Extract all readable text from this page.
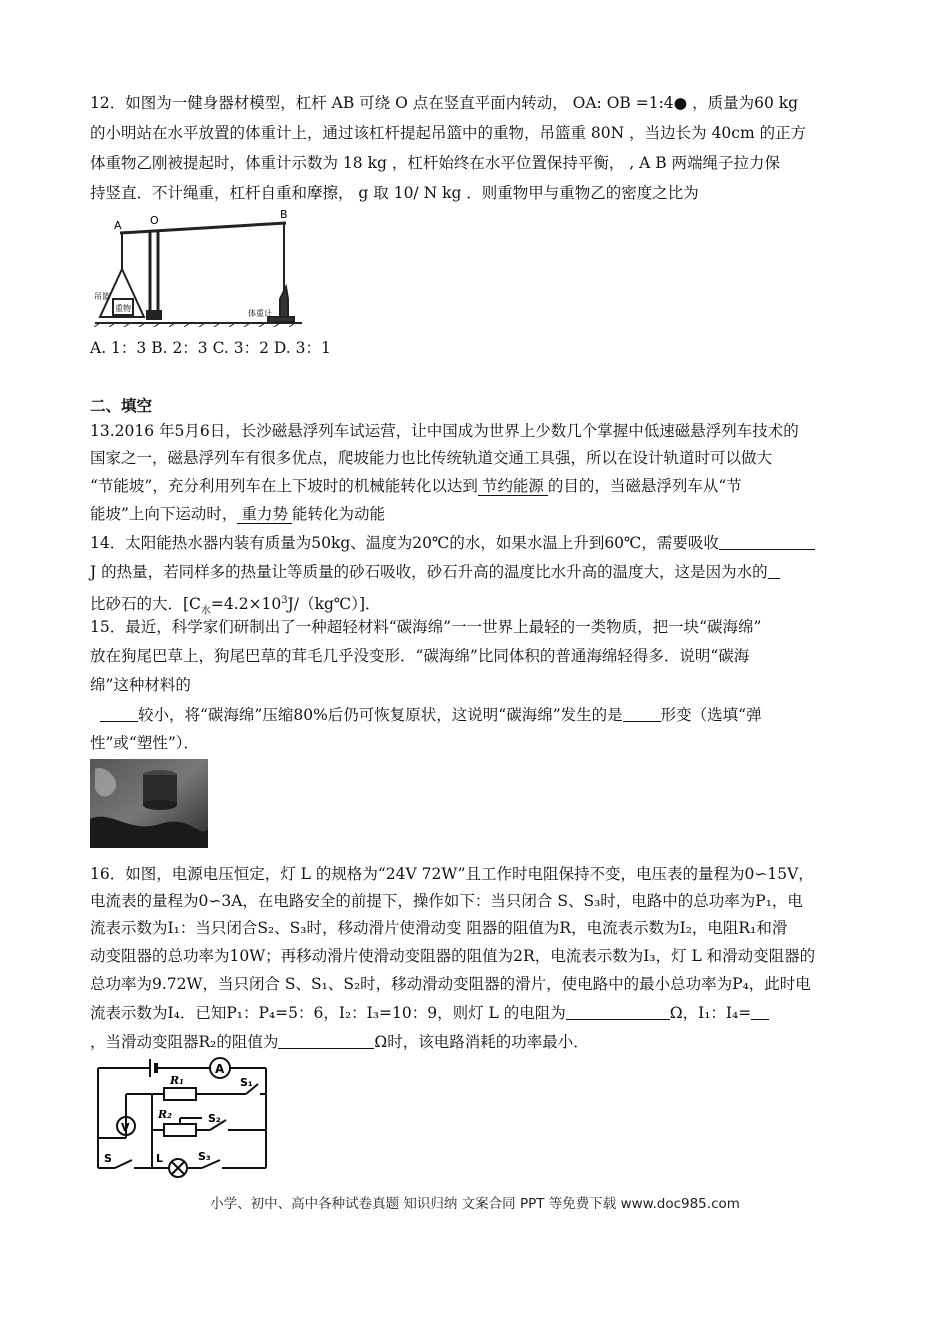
12．如图为一健身器材模型，杠杆 AB 可绕 O 点在竖直平面内转动， OA: OB =1:4● ，质量为60 kg
的小明站在水平放置的体重计上，通过该杠杆提起吊篮中的重物，吊篮重 80N ，当边长为 40cm 的正方
体重物乙刚被提起时，体重计示数为 18 kg ，杠杆始终在水平位置保持平衡， , A B 两端绳子拉力保
持竖直．不计绳重，杠杆自重和摩擦， g 取 10/ N kg ．则重物甲与重物乙的密度之比为
A	O	B
吊篮
重物
体重计
A. 1：3 B. 2：3 C. 3：2 D. 3：1
二、填空
13.2016 年5月6日，长沙磁悬浮列车试运营，让中国成为世界上少数几个掌握中低速磁悬浮列车技术的
国家之一，磁悬浮列车有很多优点，爬坡能力也比传统轨道交通工具强，所以在设计轨道时可以做大
“节能坡”，充分利用列车在上下坡时的机械能转化以达到 节约能源 的目的，当磁悬浮列车从“节
能坡”上向下运动时， 重力势 能转化为动能
14．太阳能热水器内装有质量为50kg、温度为20℃的水，如果水温上升到60℃，需要吸收
J 的热量，若同样多的热量让等质量的砂石吸收，砂石升高的温度比水升高的温度大，这是因为水的
比砂石的大．$[C_水=4.2\times 10^3J/(kg℃)]$．
15．最近，科学家们研制出了一种超轻材料“碳海绵”一一世界上最轻的一类物质，把一块“碳海绵”
放在狗尾巴草上，狗尾巴草的茸毛几乎没变形．“碳海绵”比同体积的普通海绵轻得多．说明“碳海
绵”这种材料的
较小，将“碳海绵”压缩80%后仍可恢复原状，这说明“碳海绵”发生的是 形变（选填“弹
性”或“塑性”）．
16．如图，电源电压恒定，灯 L 的规格为“24V 72W”且工作时电阻保持不变，电压表的量程为0∽15V，
电流表的量程为0∽3A，在电路安全的前提下，操作如下：当只闭合 S、S₃时，电路中的总功率为P₁，电
流表示数为I₁：当只闭合S₂、S₃时，移动滑片使滑动变 阻器的阻值为R，电流表示数为I₂，电阻R₁和滑
动变阻器的总功率为10W；再移动滑片使滑动变阻器的阻值为2R，电流表示数为I₃，灯 L 和滑动变阻器的
总功率为9.72W，当只闭合 S、S₁、S₂时，移动滑动变阻器的滑片，使电路中的最小总功率为P₄，此时电
流表示数为I₄．已知P₁：P₄=5：6，I₂：I₃=10：9，则灯 L 的电阻为	Ω，I₁：I₄=
，当滑动变阻器R₂的阻值为	Ω时，该电路消耗的功率最小．
A
V
R₁
R₂
S₁
S₂
S	L	S₃
小学、初中、高中各种试卷真题 知识归纳 文案合同 PPT 等免费下载 www.doc985.com
